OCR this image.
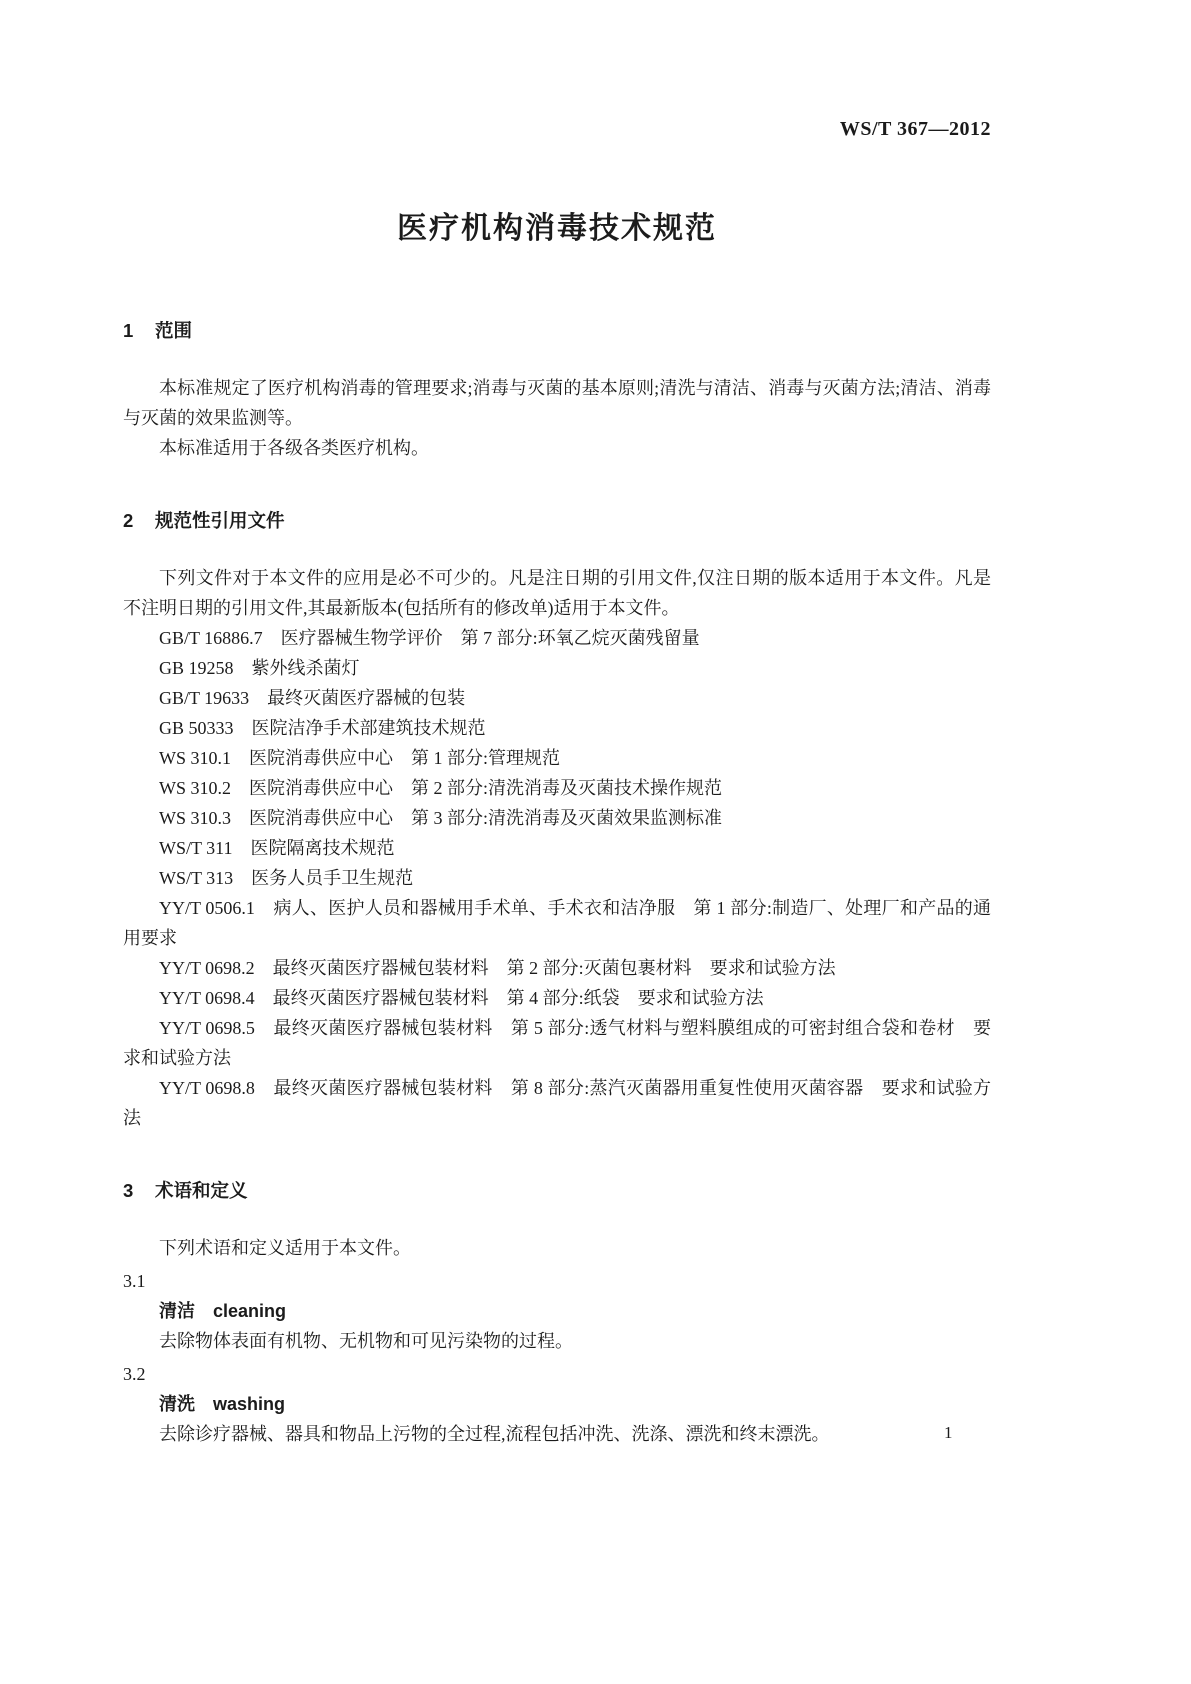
WS/T 367—2012
医疗机构消毒技术规范
1 范围
本标准规定了医疗机构消毒的管理要求;消毒与灭菌的基本原则;清洗与清洁、消毒与灭菌方法;清洁、消毒与灭菌的效果监测等。
本标准适用于各级各类医疗机构。
2 规范性引用文件
下列文件对于本文件的应用是必不可少的。凡是注日期的引用文件,仅注日期的版本适用于本文件。凡是不注明日期的引用文件,其最新版本(包括所有的修改单)适用于本文件。
GB/T 16886.7　医疗器械生物学评价　第 7 部分:环氧乙烷灭菌残留量
GB 19258　紫外线杀菌灯
GB/T 19633　最终灭菌医疗器械的包装
GB 50333　医院洁净手术部建筑技术规范
WS 310.1　医院消毒供应中心　第 1 部分:管理规范
WS 310.2　医院消毒供应中心　第 2 部分:清洗消毒及灭菌技术操作规范
WS 310.3　医院消毒供应中心　第 3 部分:清洗消毒及灭菌效果监测标准
WS/T 311　医院隔离技术规范
WS/T 313　医务人员手卫生规范
YY/T 0506.1　病人、医护人员和器械用手术单、手术衣和洁净服　第 1 部分:制造厂、处理厂和产品的通用要求
YY/T 0698.2　最终灭菌医疗器械包装材料　第 2 部分:灭菌包裹材料　要求和试验方法
YY/T 0698.4　最终灭菌医疗器械包装材料　第 4 部分:纸袋　要求和试验方法
YY/T 0698.5　最终灭菌医疗器械包装材料　第 5 部分:透气材料与塑料膜组成的可密封组合袋和卷材　要求和试验方法
YY/T 0698.8　最终灭菌医疗器械包装材料　第 8 部分:蒸汽灭菌器用重复性使用灭菌容器　要求和试验方法
3 术语和定义
下列术语和定义适用于本文件。
3.1
清洁　cleaning
去除物体表面有机物、无机物和可见污染物的过程。
3.2
清洗　washing
去除诊疗器械、器具和物品上污物的全过程,流程包括冲洗、洗涤、漂洗和终末漂洗。	1
